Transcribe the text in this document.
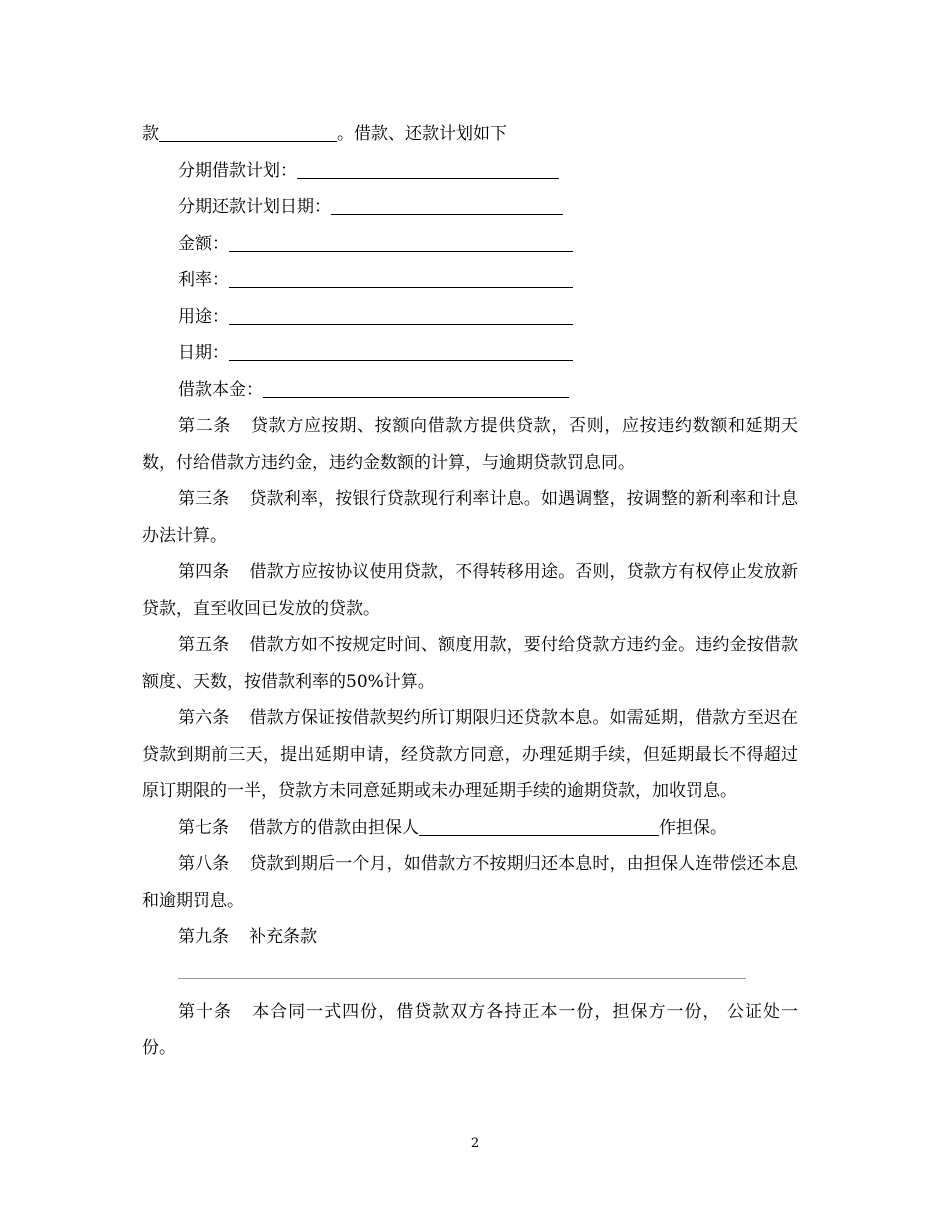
款	。借款、还款计划如下
分期借款计划：
分期还款计划日期：
金额：
利率：
用途：
日期：
借款本金：

第二条 贷款方应按期、按额向借款方提供贷款，否则，应按违约数额和延期天数，付给借款方违约金，违约金数额的计算，与逾期贷款罚息同。

第三条 贷款利率，按银行贷款现行利率计息。如遇调整，按调整的新利率和计息办法计算。

第四条 借款方应按协议使用贷款，不得转移用途。否则，贷款方有权停止发放新贷款，直至收回已发放的贷款。

第五条 借款方如不按规定时间、额度用款，要付给贷款方违约金。违约金按借款额度、天数，按借款利率的50%计算。

第六条 借款方保证按借款契约所订期限归还贷款本息。如需延期，借款方至迟在贷款到期前三天，提出延期申请，经贷款方同意，办理延期手续，但延期最长不得超过原订期限的一半，贷款方未同意延期或未办理延期手续的逾期贷款，加收罚息。

第七条 借款方的借款由担保人	作担保。

第八条 贷款到期后一个月，如借款方不按期归还本息时，由担保人连带偿还本息和逾期罚息。

第九条 补充条款

第十条 本合同一式四份，借贷款双方各持正本一份，担保方一份， 公证处一份。

2
